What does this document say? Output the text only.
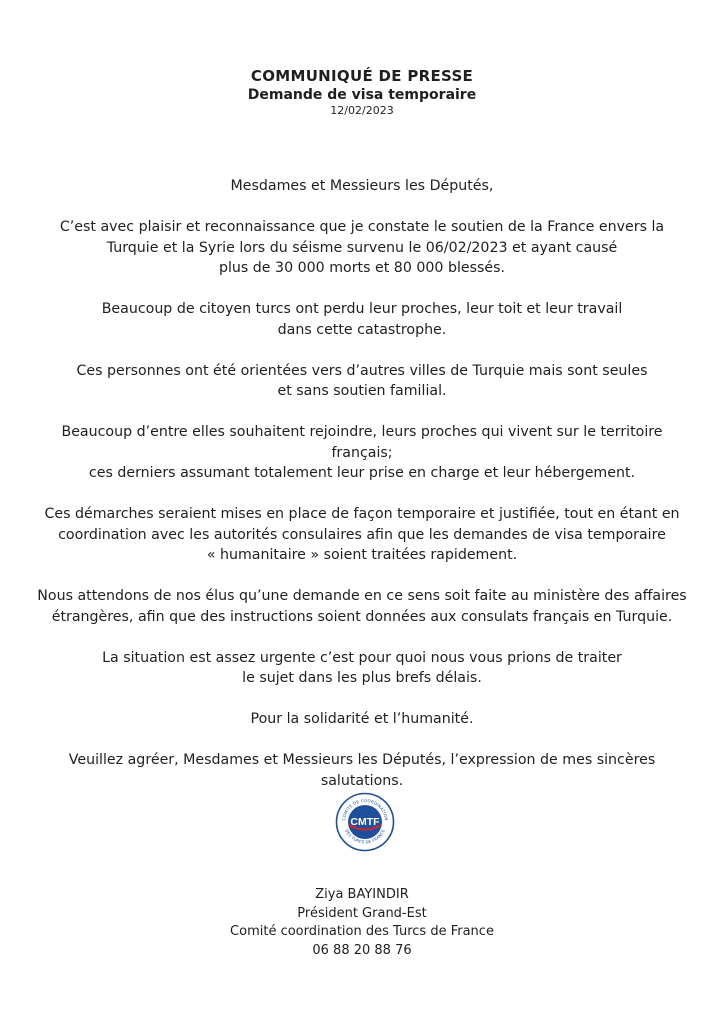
COMMUNIQUÉ DE PRESSE
Demande de visa temporaire
12/02/2023

Mesdames et Messieurs les Députés,

C’est avec plaisir et reconnaissance que je constate le soutien de la France envers la
Turquie et la Syrie lors du séisme survenu le 06/02/2023 et ayant causé
plus de 30 000 morts et 80 000 blessés.

Beaucoup de citoyen turcs ont perdu leur proches, leur toit et leur travail
dans cette catastrophe.

Ces personnes ont été orientées vers d’autres villes de Turquie mais sont seules
et sans soutien familial.

Beaucoup d’entre elles souhaitent rejoindre, leurs proches qui vivent sur le territoire français;
ces derniers assumant totalement leur prise en charge et leur hébergement.

Ces démarches seraient mises en place de façon temporaire et justifiée, tout en étant en
coordination avec les autorités consulaires afin que les demandes de visa temporaire
« humanitaire » soient traitées rapidement.

Nous attendons de nos élus qu’une demande en ce sens soit faite au ministère des affaires
étrangères, afin que des instructions soient données aux consulats français en Turquie.

La situation est assez urgente c’est pour quoi nous vous prions de traiter
le sujet dans les plus brefs délais.

Pour la solidarité et l’humanité.

Veuillez agréer, Mesdames et Messieurs les Députés, l’expression de mes sincères salutations.

COMITÉ DE COORDINATION
DES TURCS DE FRANCE
CMTF
Ziya BAYINDIR
Président Grand-Est
Comité coordination des Turcs de France
06 88 20 88 76
